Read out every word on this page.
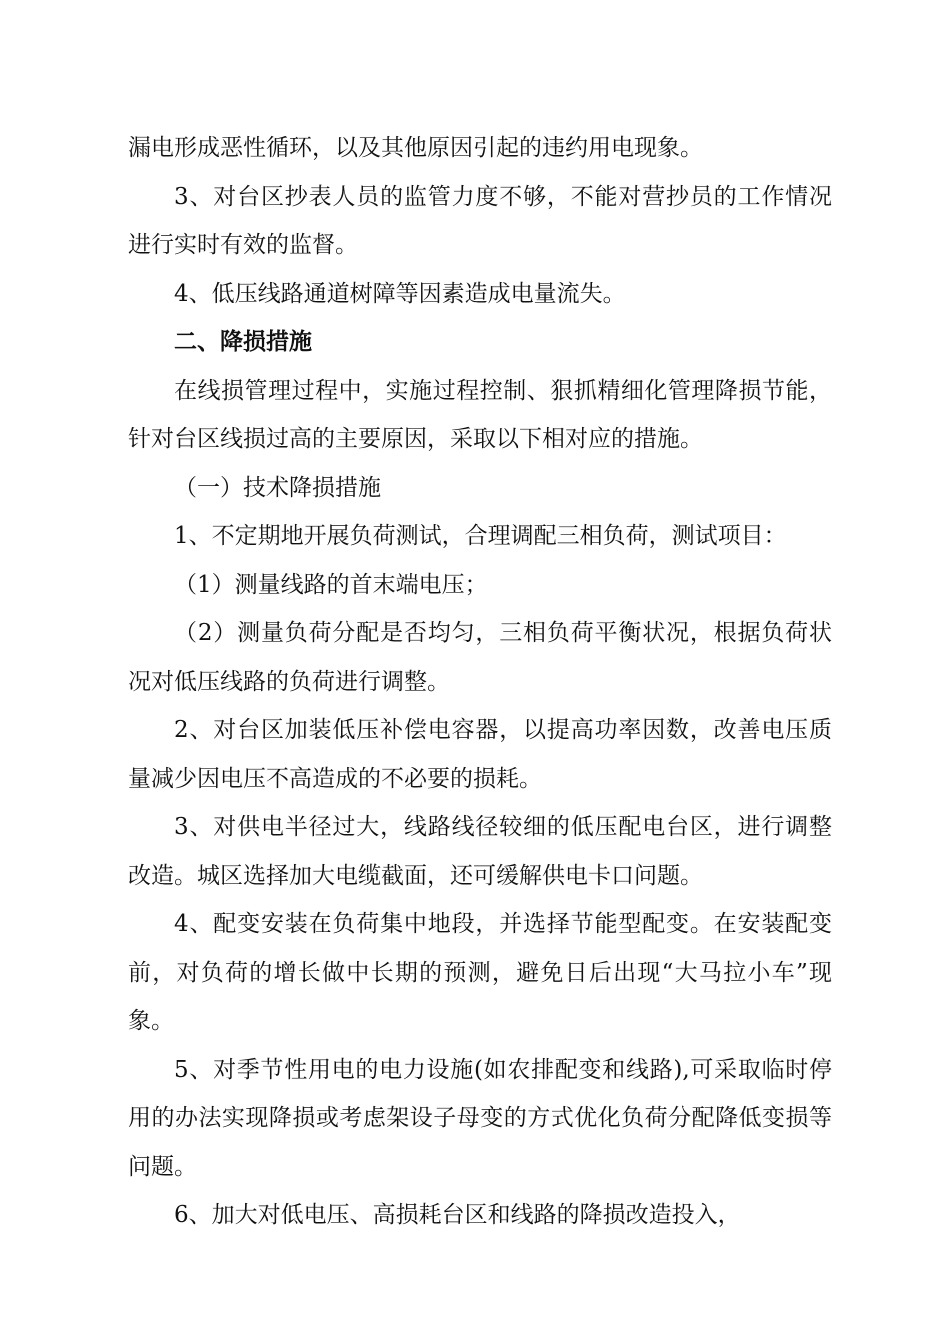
漏电形成恶性循环，以及其他原因引起的违约用电现象。

3、对台区抄表人员的监管力度不够，不能对营抄员的工作情况进行实时有效的监督。

4、低压线路通道树障等因素造成电量流失。

二、降损措施

在线损管理过程中，实施过程控制、狠抓精细化管理降损节能，针对台区线损过高的主要原因，采取以下相对应的措施。

（一）技术降损措施

1、不定期地开展负荷测试，合理调配三相负荷，测试项目：

（1）测量线路的首末端电压；

（2）测量负荷分配是否均匀，三相负荷平衡状况，根据负荷状况对低压线路的负荷进行调整。

2、对台区加装低压补偿电容器，以提高功率因数，改善电压质量减少因电压不高造成的不必要的损耗。

3、对供电半径过大，线路线径较细的低压配电台区，进行调整改造。城区选择加大电缆截面，还可缓解供电卡口问题。

4、配变安装在负荷集中地段，并选择节能型配变。在安装配变前，对负荷的增长做中长期的预测，避免日后出现“大马拉小车”现象。

5、对季节性用电的电力设施(如农排配变和线路),可采取临时停用的办法实现降损或考虑架设子母变的方式优化负荷分配降低变损等问题。

6、加大对低电压、高损耗台区和线路的降损改造投入，
